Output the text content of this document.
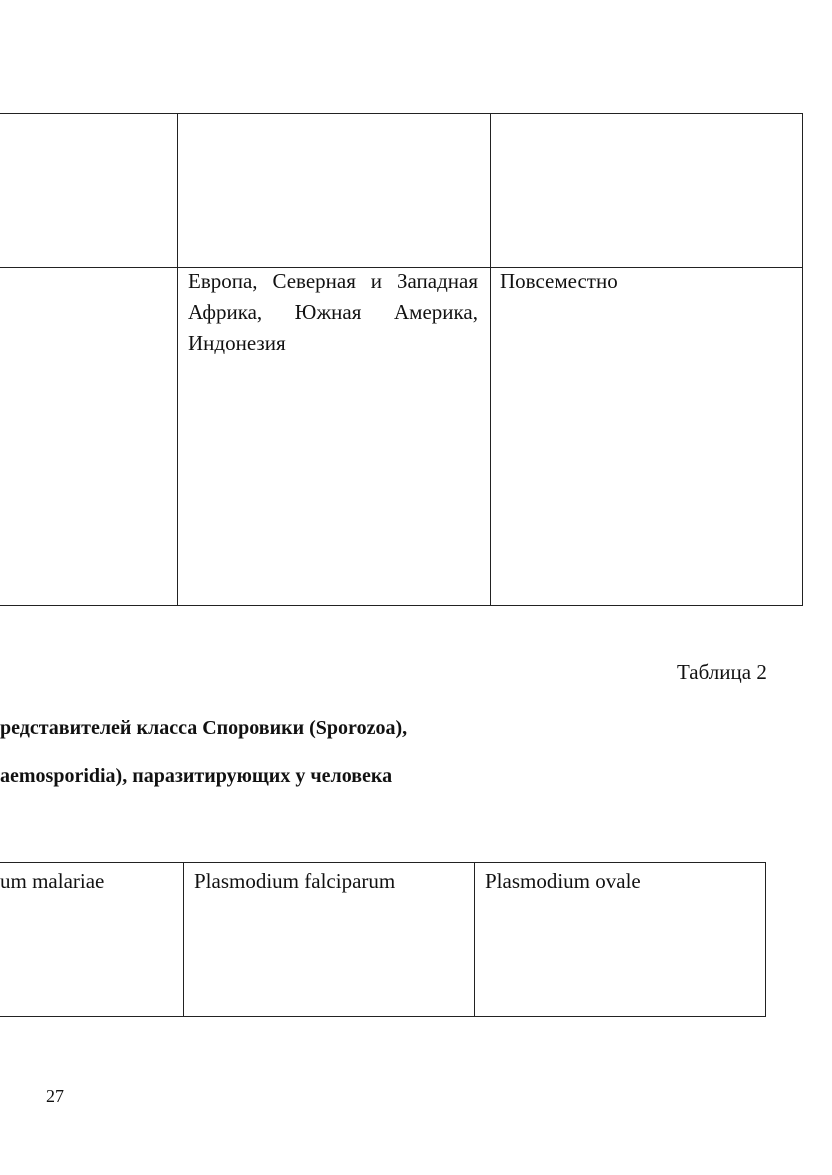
Европа, Северная и Западная Африка, Южная Америка, Индонезия
Повсеместно
Таблица 2
редставителей класса Споровики (Sporozoa),
aemosporidia), паразитирующих у человека
um malariae	Plasmodium falciparum	Plasmodium ovale
27
